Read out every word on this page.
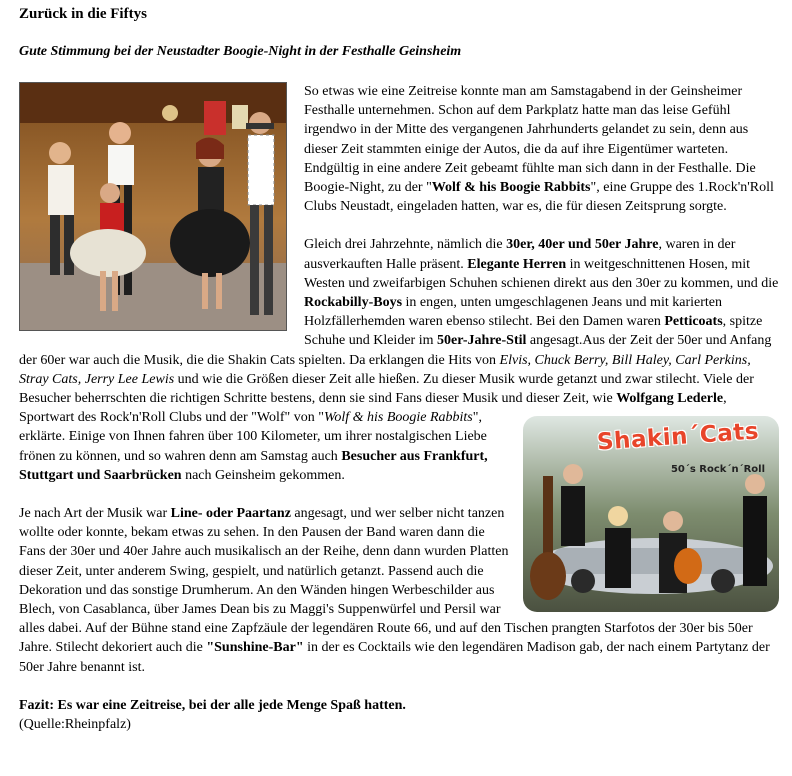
Zurück in die Fiftys
Gute Stimmung bei der Neustadter Boogie-Night in der Festhalle Geinsheim

So etwas wie eine Zeitreise konnte man am Samstagabend in der Geinsheimer Festhalle unternehmen. Schon auf dem Parkplatz hatte man das leise Gefühl irgendwo in der Mitte des vergangenen Jahrhunderts gelandet zu sein, denn aus dieser Zeit stammten einige der Autos, die da auf ihre Eigentümer warteten. Endgültig in eine andere Zeit gebeamt fühlte man sich dann in der Festhalle. Die Boogie-Night, zu der "Wolf & his Boogie Rabbits", eine Gruppe des 1.Rock'n'Roll Clubs Neustadt, eingeladen hatten, war es, die für diesen Zeitsprung sorgte.

Gleich drei Jahrzehnte, nämlich die 30er, 40er und 50er Jahre, waren in der ausverkauften Halle präsent. Elegante Herren in weitgeschnittenen Hosen, mit Westen und zweifarbigen Schuhen schienen direkt aus den 30er zu kommen, und die Rockabilly-Boys in engen, unten umgeschlagenen Jeans und mit karierten Holzfällerhemden waren ebenso stilecht. Bei den Damen waren Petticoats, spitze Schuhe und Kleider im 50er-Jahre-Stil angesagt.Aus der Zeit der 50er und Anfang der 60er war auch die Musik, die die Shakin Cats spielten. Da erklangen die Hits von Elvis, Chuck Berry, Bill Haley, Carl Perkins, Stray Cats, Jerry Lee Lewis und wie die Größen dieser Zeit alle hießen. Zu dieser Musik wurde getanzt und zwar stilecht. Viele der Besucher beherrschten die richtigen Schritte bestens, denn sie sind Fans dieser Musik und dieser Zeit, wie
Shakin´Cats
50´s Rock´n´Roll
Wolfgang Lederle, Sportwart des Rock'n'Roll Clubs und der "Wolf" von "Wolf & his Boogie Rabbits", erklärte. Einige von Ihnen fahren über 100 Kilometer, um ihrer nostalgischen Liebe frönen zu können, und so wahren denn am Samstag auch Besucher aus Frankfurt, Stuttgart und Saarbrücken nach Geinsheim gekommen.

Je nach Art der Musik war Line- oder Paartanz angesagt, und wer selber nicht tanzen wollte oder konnte, bekam etwas zu sehen. In den Pausen der Band waren dann die Fans der 30er und 40er Jahre auch musikalisch an der Reihe, denn dann wurden Platten dieser Zeit, unter anderem Swing, gespielt, und natürlich getanzt. Passend auch die Dekoration und das sonstige Drumherum. An den Wänden hingen Werbeschilder aus Blech, von Casablanca, über James Dean bis zu Maggi's Suppenwürfel und Persil war alles dabei. Auf der Bühne stand eine Zapfzäule der legendären Route 66, und auf den Tischen prangten Starfotos der 30er bis 50er Jahre. Stilecht dekoriert auch die "Sunshine-Bar" in der es Cocktails wie den legendären Madison gab, der nach einem Partytanz der 50er Jahre benannt ist.

Fazit: Es war eine Zeitreise, bei der alle jede Menge Spaß hatten.
(Quelle:Rheinpfalz)
